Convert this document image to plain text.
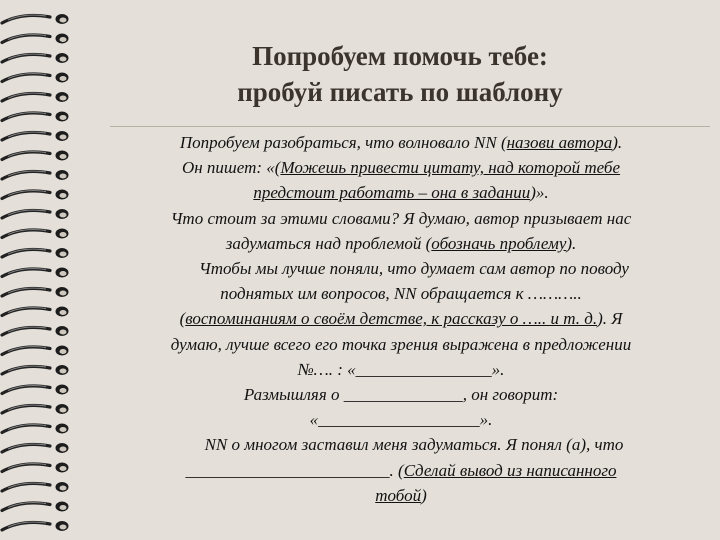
Попробуем помочь тебе:
пробуй писать по шаблону

Попробуем разобраться, что волновало NN (назови автора).

Он пишет: «(Можешь привести цитату, над которой тебе

предстоит работать – она в задании)».

Что стоит за этими словами? Я думаю, автор призывает нас

задуматься над проблемой (обозначь проблему).

Чтобы мы лучше поняли, что думает сам автор по поводу

поднятых им вопросов, NN обращается к ………..

(воспоминаниям о своём детстве, к рассказу о ….. и т. д.). Я

думаю, лучше всего его точка зрения выражена в предложении

№…. : «________________».

Размышляя о ______________, он говорит:

«___________________».

NN о многом заставил меня задуматься. Я понял (а), что

________________________. (Сделай вывод из написанного

тобой)
